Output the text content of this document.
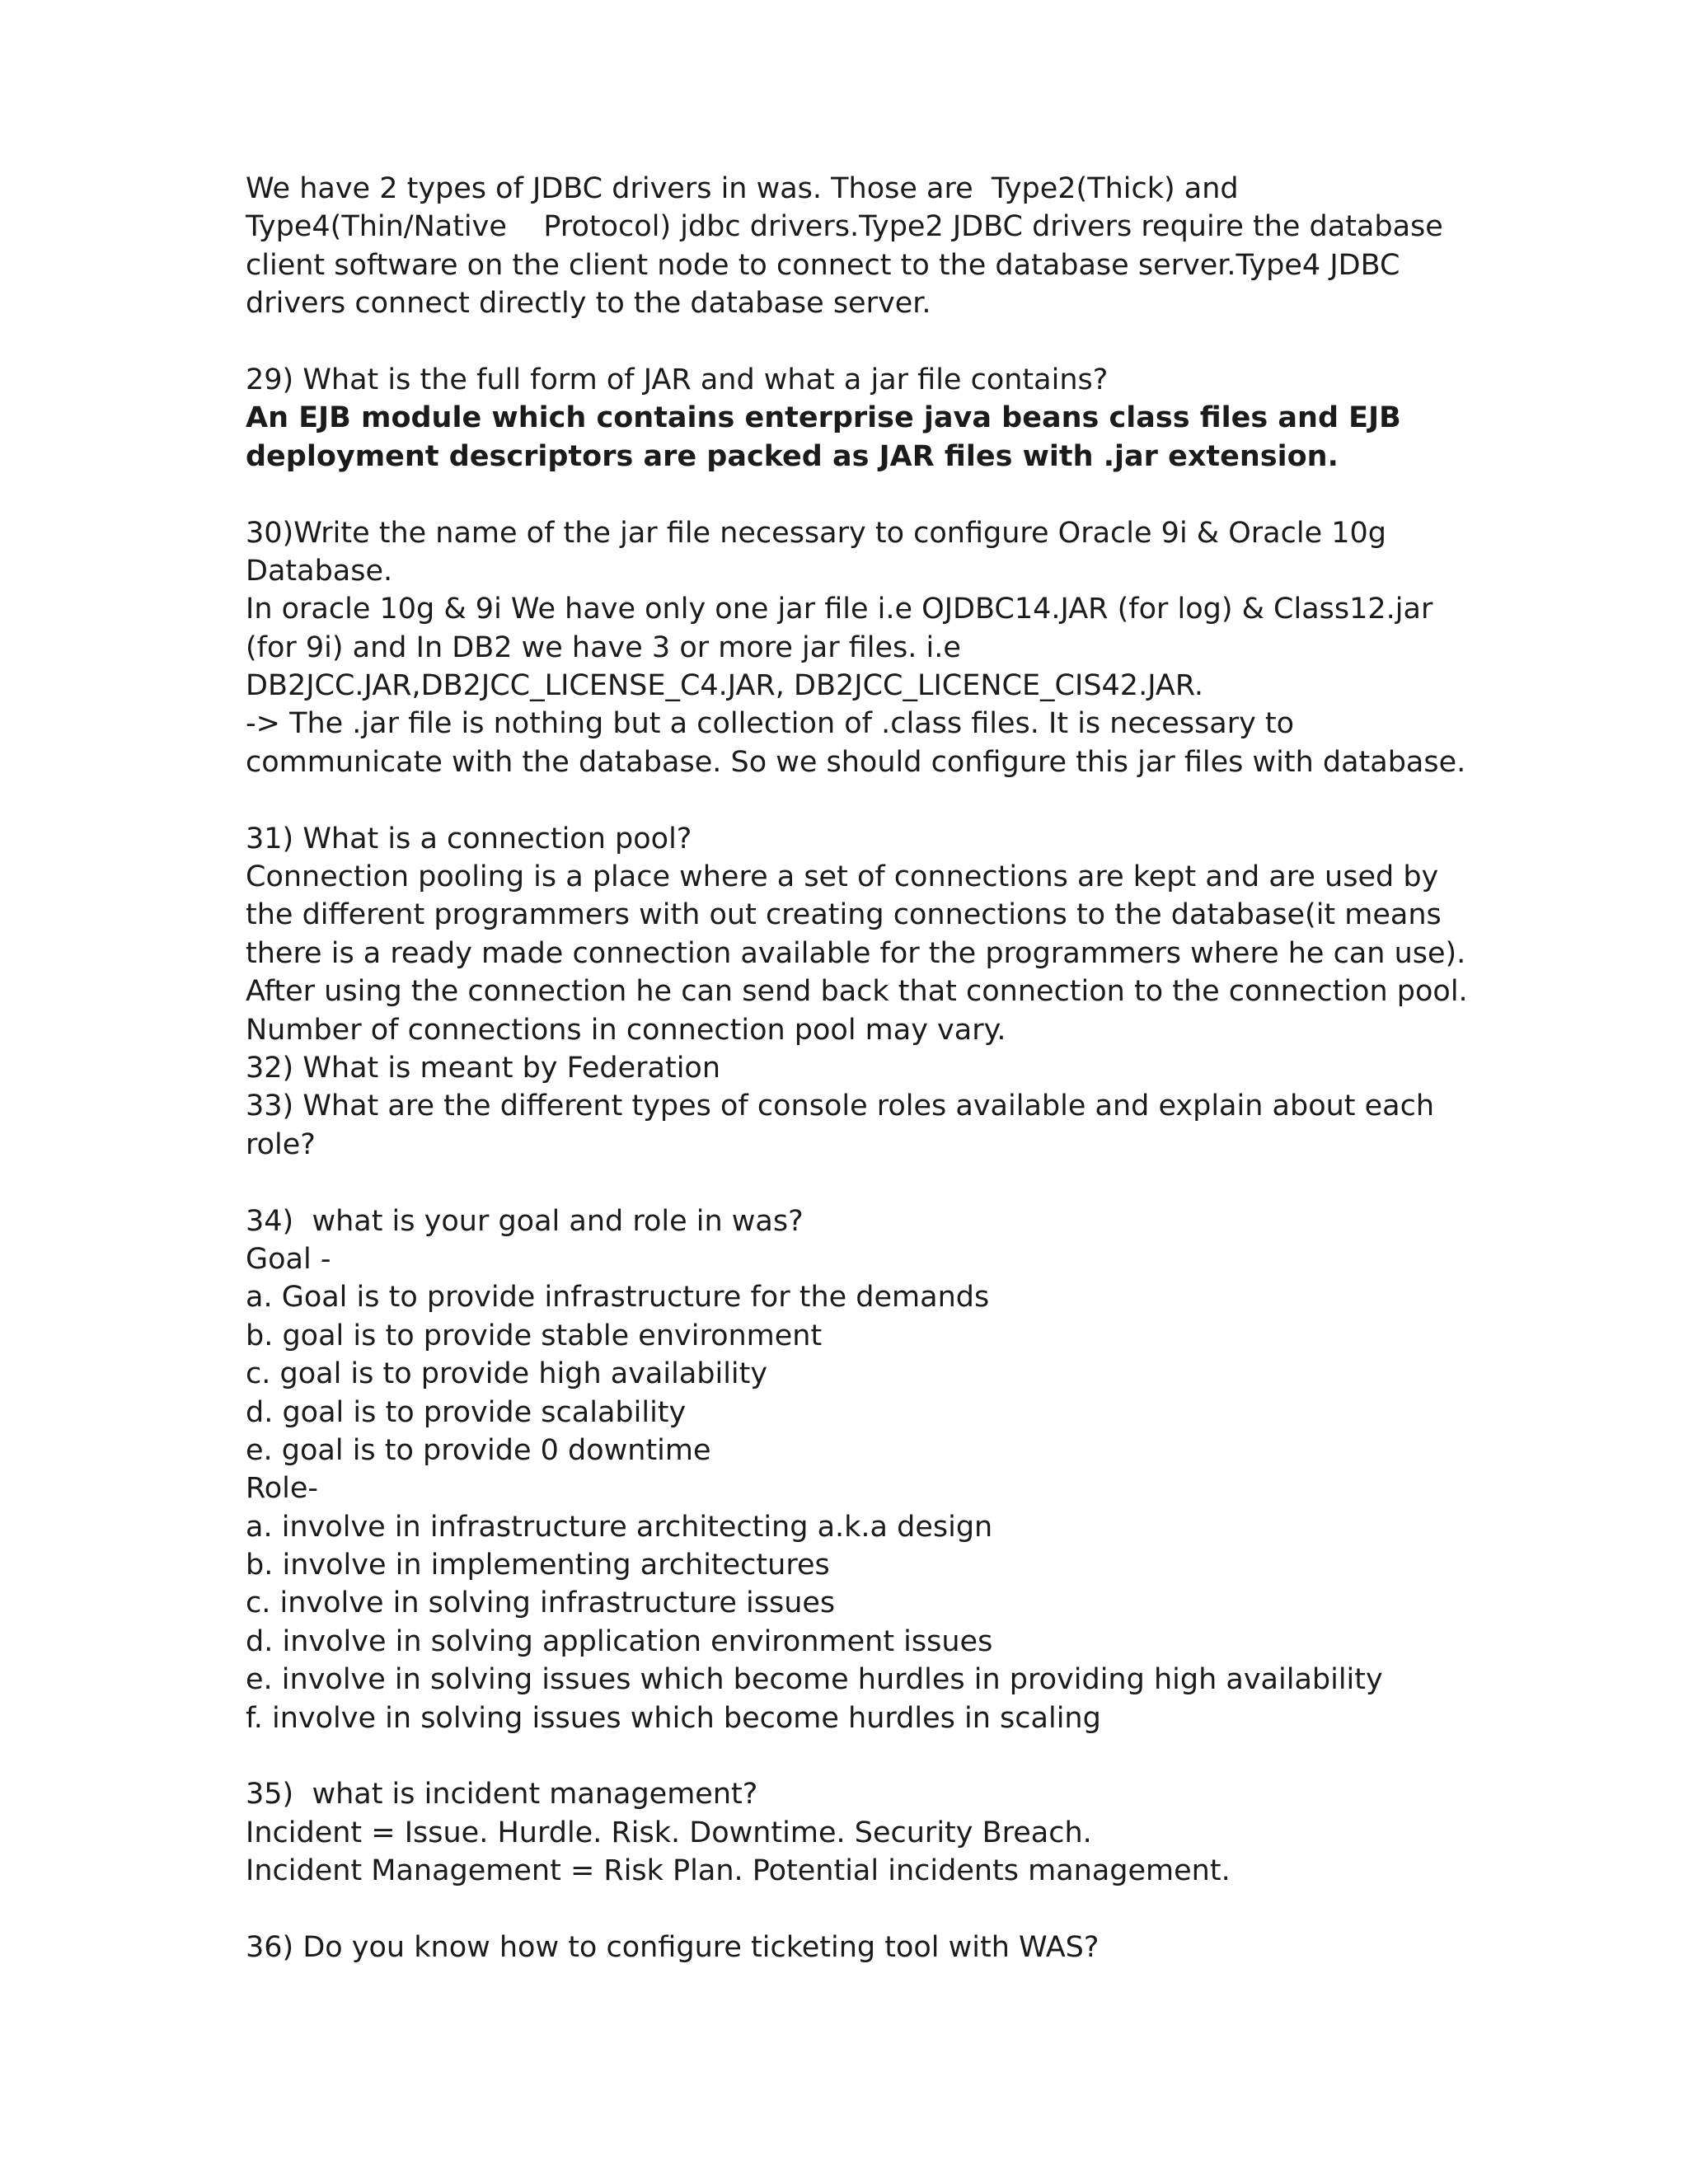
We have 2 types of JDBC drivers in was. Those are  Type2(Thick) and
Type4(Thin/Native    Protocol) jdbc drivers.Type2 JDBC drivers require the database
client software on the client node to connect to the database server.Type4 JDBC
drivers connect directly to the database server.
29) What is the full form of JAR and what a jar file contains?
An EJB module which contains enterprise java beans class files and EJB
deployment descriptors are packed as JAR files with .jar extension.
30)Write the name of the jar file necessary to configure Oracle 9i & Oracle 10g
Database.
In oracle 10g & 9i We have only one jar file i.e OJDBC14.JAR (for log) & Class12.jar
(for 9i) and In DB2 we have 3 or more jar files. i.e
DB2JCC.JAR,DB2JCC_LICENSE_C4.JAR, DB2JCC_LICENCE_CIS42.JAR.
-> The .jar file is nothing but a collection of .class files. It is necessary to
communicate with the database. So we should configure this jar files with database.
31) What is a connection pool?
Connection pooling is a place where a set of connections are kept and are used by
the different programmers with out creating connections to the database(it means
there is a ready made connection available for the programmers where he can use).
After using the connection he can send back that connection to the connection pool.
Number of connections in connection pool may vary.
32) What is meant by Federation
33) What are the different types of console roles available and explain about each
role?
34)  what is your goal and role in was?
Goal -
a. Goal is to provide infrastructure for the demands
b. goal is to provide stable environment
c. goal is to provide high availability
d. goal is to provide scalability
e. goal is to provide 0 downtime
Role-
a. involve in infrastructure architecting a.k.a design
b. involve in implementing architectures
c. involve in solving infrastructure issues
d. involve in solving application environment issues
e. involve in solving issues which become hurdles in providing high availability
f. involve in solving issues which become hurdles in scaling
35)  what is incident management?
Incident = Issue. Hurdle. Risk. Downtime. Security Breach.
Incident Management = Risk Plan. Potential incidents management.
36) Do you know how to configure ticketing tool with WAS?
